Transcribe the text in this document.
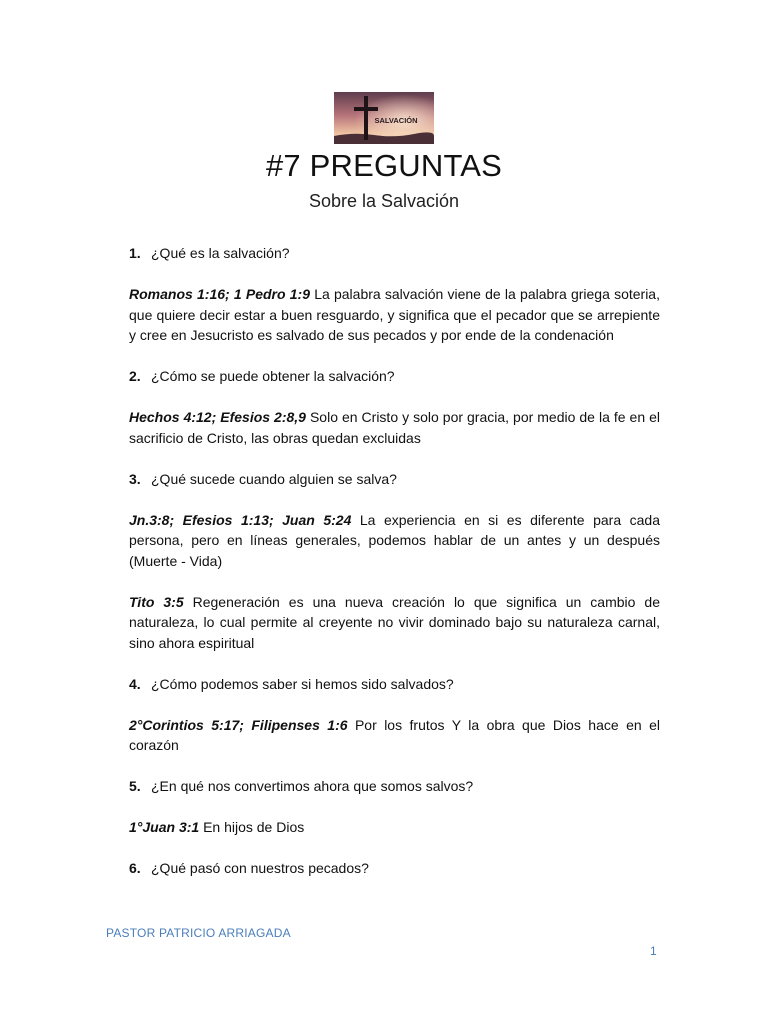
SALVACIÓN
#7 PREGUNTAS
Sobre la Salvación
1. ¿Qué es la salvación?
Romanos 1:16; 1 Pedro 1:9 La palabra salvación viene de la palabra griega soteria, que quiere decir estar a buen resguardo, y significa que el pecador que se arrepiente y cree en Jesucristo es salvado de sus pecados y por ende de la condenación
2. ¿Cómo se puede obtener la salvación?
Hechos 4:12; Efesios 2:8,9 Solo en Cristo y solo por gracia, por medio de la fe en el sacrificio de Cristo, las obras quedan excluidas
3. ¿Qué sucede cuando alguien se salva?
Jn.3:8; Efesios 1:13; Juan 5:24 La experiencia en si es diferente para cada persona, pero en líneas generales, podemos hablar de un antes y un después (Muerte - Vida)
Tito 3:5 Regeneración es una nueva creación lo que significa un cambio de naturaleza, lo cual permite al creyente no vivir dominado bajo su naturaleza carnal, sino ahora espiritual
4. ¿Cómo podemos saber si hemos sido salvados?
2°Corintios 5:17; Filipenses 1:6 Por los frutos Y la obra que Dios hace en el corazón
5. ¿En qué nos convertimos ahora que somos salvos?
1°Juan 3:1 En hijos de Dios
6. ¿Qué pasó con nuestros pecados?
PASTOR PATRICIO ARRIAGADA
1
